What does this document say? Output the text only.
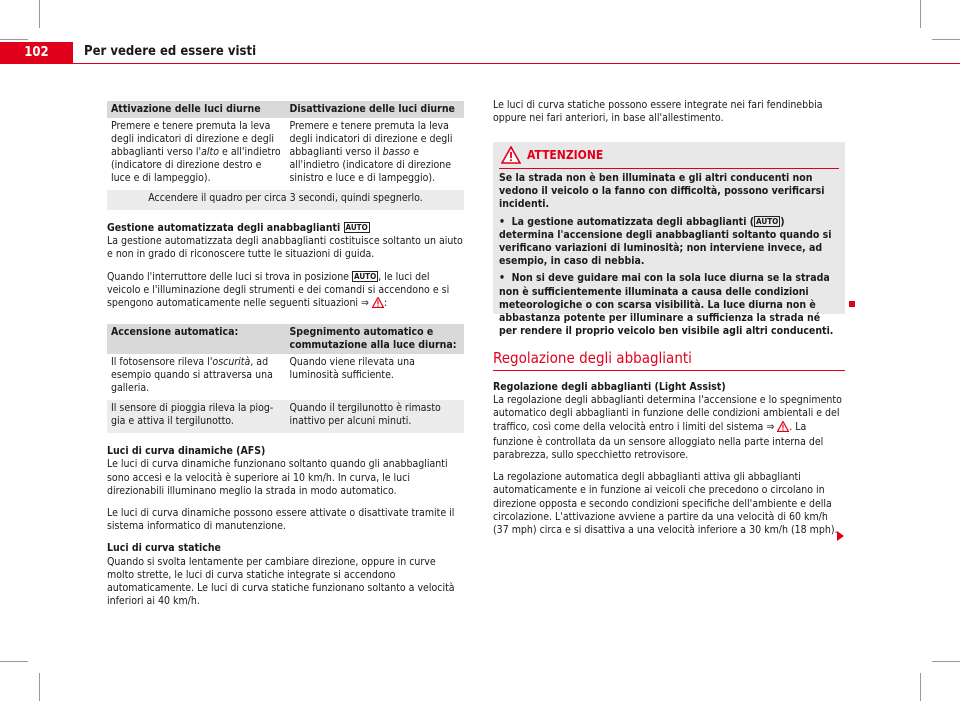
102	Per vedere ed essere visti
Attivazione delle luci diurne	Disattivazione delle luci diurne
Premere e tenere premuta la leva degli indicatori di direzione e degli abbaglianti verso l'alto e all'indietro (indicatore di direzione destro e luce e di lampeggio).	Premere e tenere premuta la leva degli indicatori di direzione e degli abbaglianti verso il basso e all'indietro (indicatore di direzione sinistro e luce e di lampeggio).
Accendere il quadro per circa 3 secondi, quindi spegnerlo.	
Gestione automatizzata degli anabbaglianti AUTO

La gestione automatizzata degli anabbaglianti costituisce soltanto un aiuto e non in grado di riconoscere tutte le situazioni di guida.

Quando l'interruttore delle luci si trova in posizione AUTO , le luci del veicolo e l'illuminazione degli strumenti e dei comandi si accendono e si spengono automaticamente nelle seguenti situazioni ⇒ :

Accensione automatica:	Spegnimento automatico e commutazione alla luce diurna:
Il fotosensore rileva l'oscurità, ad esempio quando si attraversa una galleria.	Quando viene rilevata una luminosità sufficiente.
Il sensore di pioggia rileva la pioggia e attiva il tergilunotto.	Quando il tergilunotto è rimasto inattivo per alcuni minuti.
Luci di curva dinamiche (AFS)

Le luci di curva dinamiche funzionano soltanto quando gli anabbaglianti sono accesi e la velocità è superiore ai 10 km/h. In curva, le luci direzionabili illuminano meglio la strada in modo automatico.

Le luci di curva dinamiche possono essere attivate o disattivate tramite il sistema informatico di manutenzione.

Luci di curva statiche

Quando si svolta lentamente per cambiare direzione, oppure in curve molto strette, le luci di curva statiche integrate si accendono automaticamente. Le luci di curva statiche funzionano soltanto a velocità inferiori ai 40 km/h.

Le luci di curva statiche possono essere integrate nei fari fendinebbia oppure nei fari anteriori, in base all'allestimento.

ATTENZIONE

Se la strada non è ben illuminata e gli altri conducenti non vedono il veicolo o la fanno con difficoltà, possono verificarsi incidenti.

•  La gestione automatizzata degli abbaglianti ( AUTO ) determina l'accensione degli anabbaglianti soltanto quando si verificano variazioni di luminosità; non interviene invece, ad esempio, in caso di nebbia.

•  Non si deve guidare mai con la sola luce diurna se la strada non è sufficientemente illuminata a causa delle condizioni meteorologiche o con scarsa visibilità. La luce diurna non è abbastanza potente per illuminare a sufficienza la strada né per rendere il proprio veicolo ben visibile agli altri conducenti.

Regolazione degli abbaglianti
Regolazione degli abbaglianti (Light Assist)

La regolazione degli abbaglianti determina l'accensione e lo spegnimento automatico degli abbaglianti in funzione delle condizioni ambientali e del traffico, così come della velocità entro i limiti del sistema ⇒ . La funzione è controllata da un sensore alloggiato nella parte interna del parabrezza, sullo specchietto retrovisore.

La regolazione automatica degli abbaglianti attiva gli abbaglianti automaticamente e in funzione ai veicoli che precedono o circolano in direzione opposta e secondo condizioni specifiche dell'ambiente e della circolazione. L'attivazione avviene a partire da una velocità di 60 km/h (37 mph) circa e si disattiva a una velocità inferiore a 30 km/h (18 mph).
